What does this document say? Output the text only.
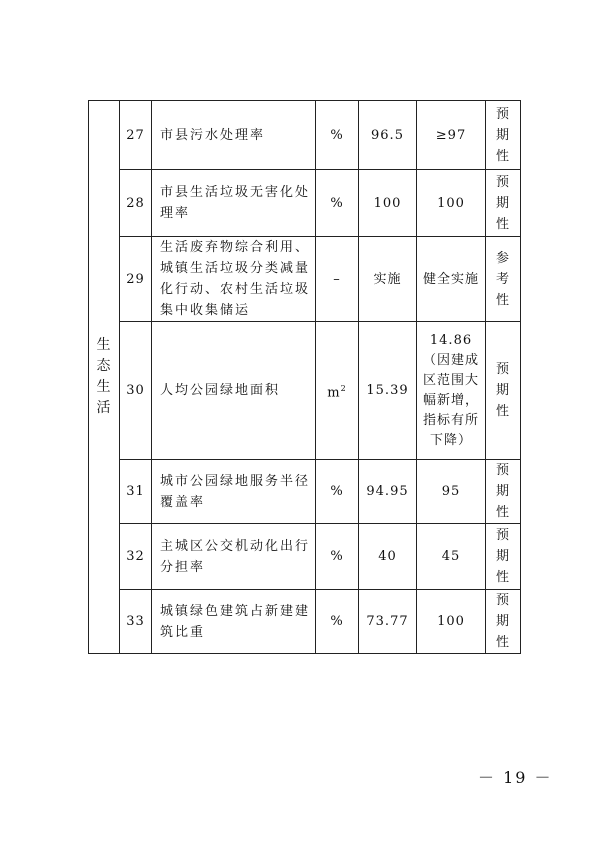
生
态
生
活	27	市县污水处理率	%	96.5	≥97	预
期
性
	28	市县生活垃圾无害化处理率	%	100	100	预
期
性
	29	生活废弃物综合利用、城镇生活垃圾分类减量化行动、农村生活垃圾集中收集储运	–	实施	健全实施	参
考
性
	30	人均公园绿地面积	$m^2$	15.39	14.86（因建成区范围大幅新增，指标有所下降）	预
期
性
	31	城市公园绿地服务半径覆盖率	%	94.95	95	预
期
性
	32	主城区公交机动化出行分担率	%	40	45	预
期
性
	33	城镇绿色建筑占新建建筑比重	%	73.77	100	预
期
性
－ 19 －
